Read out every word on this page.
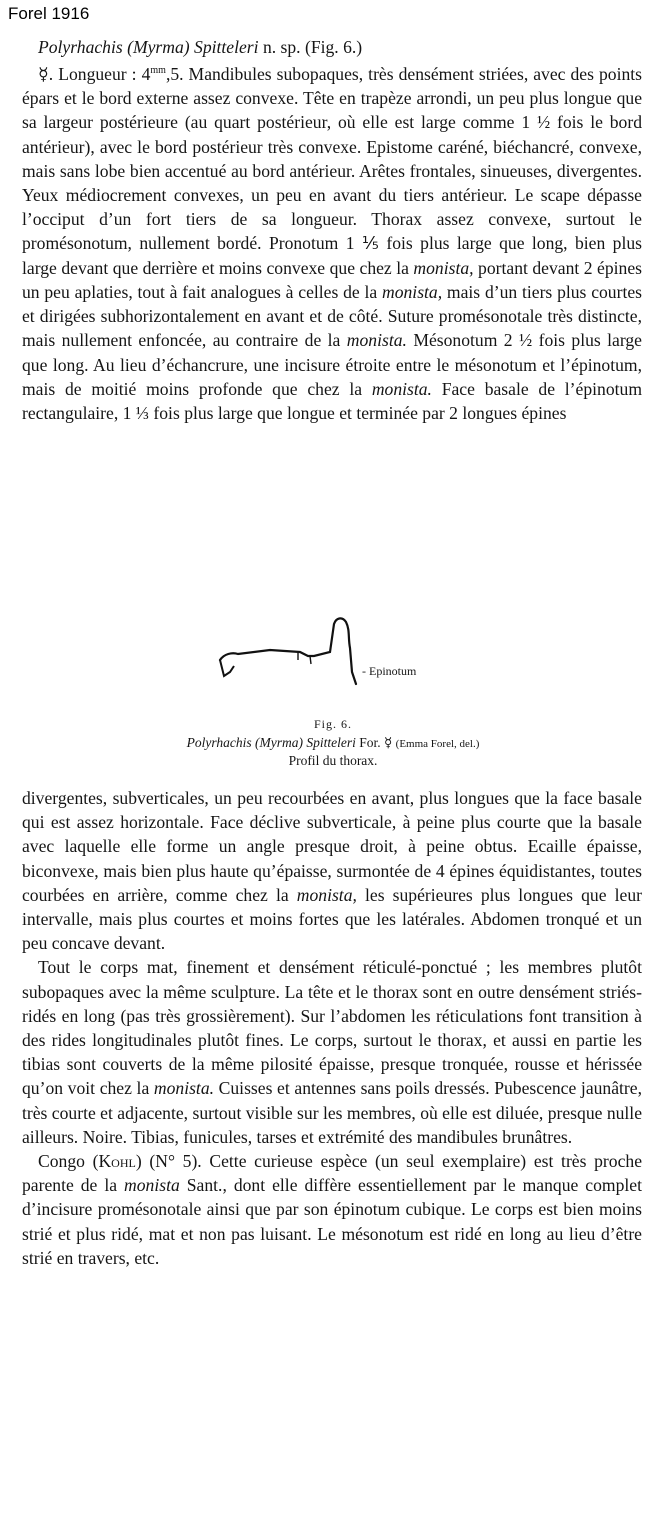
Forel 1916

Polyrhachis (Myrma) Spitteleri n. sp. (Fig. 6.)

☿. Longueur : $4^{mm},5$. Mandibules subopaques, très densément striées, avec des points épars et le bord externe assez convexe. Tête en trapèze arrondi, un peu plus longue que sa largeur postérieure (au quart postérieur, où elle est large comme 1 ½ fois le bord antérieur), avec le bord postérieur très convexe. Epistome caréné, biéchancré, convexe, mais sans lobe bien accentué au bord antérieur. Arêtes frontales, sinueuses, divergentes. Yeux médiocrement convexes, un peu en avant du tiers antérieur. Le scape dépasse l’occiput d’un fort tiers de sa longueur. Thorax assez convexe, surtout le promésonotum, nullement bordé. Pronotum 1 ⅕ fois plus large que long, bien plus large devant que derrière et moins convexe que chez la monista, portant devant 2 épines un peu aplaties, tout à fait analogues à celles de la monista, mais d’un tiers plus courtes et dirigées subhorizontalement en avant et de côté. Suture promésonotale très distincte, mais nullement enfoncée, au contraire de la monista. Mésonotum 2 ½ fois plus large que long. Au lieu d’échancrure, une incisure étroite entre le mésonotum et l’épinotum, mais de moitié moins profonde que chez la monista. Face basale de l’épinotum rectangulaire, 1 ⅓ fois plus large que longue et terminée par 2 longues épines

- Epinotum
Fig. 6.
Polyrhachis (Myrma) Spitteleri For. ☿ (Emma Forel, del.)
Profil du thorax.

divergentes, subverticales, un peu recourbées en avant, plus longues que la face basale qui est assez horizontale. Face déclive subverticale, à peine plus courte que la basale avec laquelle elle forme un angle presque droit, à peine obtus. Ecaille épaisse, biconvexe, mais bien plus haute qu’épaisse, surmontée de 4 épines équidistantes, toutes courbées en arrière, comme chez la monista, les supérieures plus longues que leur intervalle, mais plus courtes et moins fortes que les latérales. Abdomen tronqué et un peu concave devant.

Tout le corps mat, finement et densément réticulé-ponctué ; les membres plutôt subopaques avec la même sculpture. La tête et le thorax sont en outre densément striés-ridés en long (pas très grossièrement). Sur l’abdomen les réticulations font transition à des rides longitudinales plutôt fines. Le corps, surtout le thorax, et aussi en partie les tibias sont couverts de la même pilosité épaisse, presque tronquée, rousse et hérissée qu’on voit chez la monista. Cuisses et antennes sans poils dressés. Pubescence jaunâtre, très courte et adjacente, surtout visible sur les membres, où elle est diluée, presque nulle ailleurs. Noire. Tibias, funicules, tarses et extrémité des mandibules brunâtres.

Congo (Kohl) (N° 5). Cette curieuse espèce (un seul exemplaire) est très proche parente de la monista Sant., dont elle diffère essentiellement par le manque complet d’incisure promésonotale ainsi que par son épinotum cubique. Le corps est bien moins strié et plus ridé, mat et non pas luisant. Le mésonotum est ridé en long au lieu d’être strié en travers, etc.
